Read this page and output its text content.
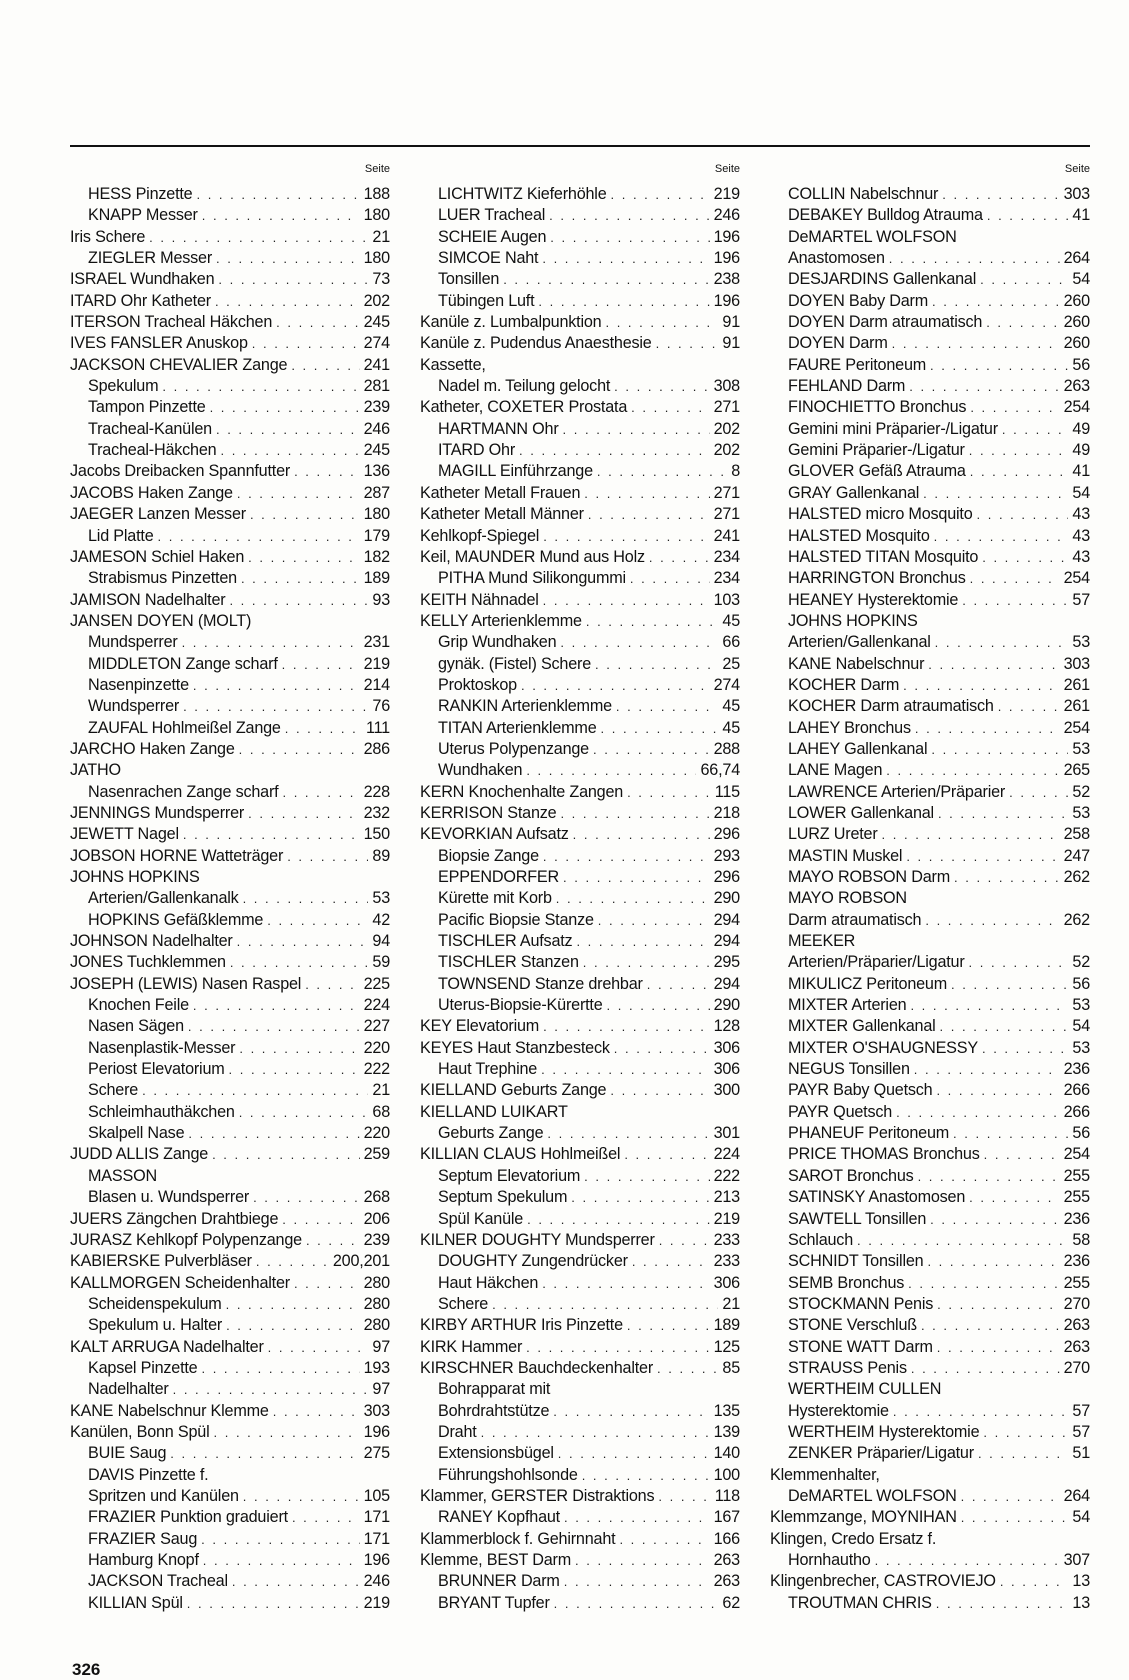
Seite
HESS Pinzette . . .	188
KNAPP Messer . . .	180
Iris Schere . . .	21
ZIEGLER Messer . . .	180
ISRAEL Wundhaken . . .	73
ITARD Ohr Katheter . . .	202
ITERSON Tracheal Häkchen . . .	245
IVES FANSLER Anuskop . . .	274
JACKSON CHEVALIER Zange . . .	241
Spekulum . . .	281
Tampon Pinzette . . .	239
Tracheal-Kanülen . . .	246
Tracheal-Häkchen . . .	245
Jacobs Dreibacken Spannfutter . . .	136
JACOBS Haken Zange . . .	287
JAEGER Lanzen Messer . . .	180
Lid Platte . . .	179
JAMESON Schiel Haken . . .	182
Strabismus Pinzetten . . .	189
JAMISON Nadelhalter . . .	93
JANSEN DOYEN (MOLT)
Mundsperrer . . .	231
MIDDLETON Zange scharf . . .	219
Nasenpinzette . . .	214
Wundsperrer . . .	76
ZAUFAL Hohlmeißel Zange . . .	111
JARCHO Haken Zange . . .	286
JATHO
Nasenrachen Zange scharf . . .	228
JENNINGS Mundsperrer . . .	232
JEWETT Nagel . . .	150
JOBSON HORNE Watteträger . . .	89
JOHNS HOPKINS
Arterien/Gallenkanalk . . .	53
HOPKINS Gefäßklemme . . .	42
JOHNSON Nadelhalter . . .	94
JONES Tuchklemmen . . .	59
JOSEPH (LEWIS) Nasen Raspel . . .	225
Knochen Feile . . .	224
Nasen Sägen . . .	227
Nasenplastik-Messer . . .	220
Periost Elevatorium . . .	222
Schere . . .	21
Schleimhauthäkchen . . .	68
Skalpell Nase . . .	220
JUDD ALLIS Zange . . .	259
MASSON
Blasen u. Wundsperrer . . .	268
JUERS Zängchen Drahtbiege . . .	206
JURASZ Kehlkopf Polypenzange . . .	239
KABIERSKE Pulverbläser . . .	200,201
KALLMORGEN Scheidenhalter . . .	280
Scheidenspekulum . . .	280
Spekulum u. Halter . . .	280
KALT ARRUGA Nadelhalter . . .	97
Kapsel Pinzette . . .	193
Nadelhalter . . .	97
KANE Nabelschnur Klemme . . .	303
Kanülen, Bonn Spül . . .	196
BUIE Saug . . .	275
DAVIS Pinzette f.
Spritzen und Kanülen . . .	105
FRAZIER Punktion graduiert . . .	171
FRAZIER Saug . . .	171
Hamburg Knopf . . .	196
JACKSON Tracheal . . .	246
KILLIAN Spül . . .	219
Seite
LICHTWITZ Kieferhöhle . . .	219
LUER Tracheal . . .	246
SCHEIE Augen . . .	196
SIMCOE Naht . . .	196
Tonsillen . . .	238
Tübingen Luft . . .	196
Kanüle z. Lumbalpunktion . . .	91
Kanüle z. Pudendus Anaesthesie . . .	91
Kassette,
Nadel m. Teilung gelocht . . .	308
Katheter, COXETER Prostata . . .	271
HARTMANN Ohr . . .	202
ITARD Ohr . . .	202
MAGILL Einführzange . . .	8
Katheter Metall Frauen . . .	271
Katheter Metall Männer . . .	271
Kehlkopf-Spiegel . . .	241
Keil, MAUNDER Mund aus Holz . . .	234
PITHA Mund Silikongummi . . .	234
KEITH Nähnadel . . .	103
KELLY Arterienklemme . . .	45
Grip Wundhaken . . .	66
gynäk. (Fistel) Schere . . .	25
Proktoskop . . .	274
RANKIN Arterienklemme . . .	45
TITAN Arterienklemme . . .	45
Uterus Polypenzange . . .	288
Wundhaken . . .	66,74
KERN Knochenhalte Zangen . . .	115
KERRISON Stanze . . .	218
KEVORKIAN Aufsatz . . .	296
Biopsie Zange . . .	293
EPPENDORFER . . .	296
Kürette mit Korb . . .	290
Pacific Biopsie Stanze . . .	294
TISCHLER Aufsatz . . .	294
TISCHLER Stanzen . . .	295
TOWNSEND Stanze drehbar . . .	294
Uterus-Biopsie-Kürertte . . .	290
KEY Elevatorium . . .	128
KEYES Haut Stanzbesteck . . .	306
Haut Trephine . . .	306
KIELLAND Geburts Zange . . .	300
KIELLAND LUIKART
Geburts Zange . . .	301
KILLIAN CLAUS Hohlmeißel . . .	224
Septum Elevatorium . . .	222
Septum Spekulum . . .	213
Spül Kanüle . . .	219
KILNER DOUGHTY Mundsperrer . . .	233
DOUGHTY Zungendrücker . . .	233
Haut Häkchen . . .	306
Schere . . .	21
KIRBY ARTHUR Iris Pinzette . . .	189
KIRK Hammer . . .	125
KIRSCHNER Bauchdeckenhalter . . .	85
Bohrapparat mit
Bohrdrahtstütze . . .	135
Draht . . .	139
Extensionsbügel . . .	140
Führungshohlsonde . . .	100
Klammer, GERSTER Distraktions . . .	118
RANEY Kopfhaut . . .	167
Klammerblock f. Gehirnnaht . . .	166
Klemme, BEST Darm . . .	263
BRUNNER Darm . . .	263
BRYANT Tupfer . . .	62
Seite
COLLIN Nabelschnur . . .	303
DEBAKEY Bulldog Atrauma . . .	41
DeMARTEL WOLFSON
Anastomosen . . .	264
DESJARDINS Gallenkanal . . .	54
DOYEN Baby Darm . . .	260
DOYEN Darm atraumatisch . . .	260
DOYEN Darm . . .	260
FAURE Peritoneum . . .	56
FEHLAND Darm . . .	263
FINOCHIETTO Bronchus . . .	254
Gemini mini Präparier-/Ligatur . . .	49
Gemini Präparier-/Ligatur . . .	49
GLOVER Gefäß Atrauma . . .	41
GRAY Gallenkanal . . .	54
HALSTED micro Mosquito . . .	43
HALSTED Mosquito . . .	43
HALSTED TITAN Mosquito . . .	43
HARRINGTON Bronchus . . .	254
HEANEY Hysterektomie . . .	57
JOHNS HOPKINS
Arterien/Gallenkanal . . .	53
KANE Nabelschnur . . .	303
KOCHER Darm . . .	261
KOCHER Darm atraumatisch . . .	261
LAHEY Bronchus . . .	254
LAHEY Gallenkanal . . .	53
LANE Magen . . .	265
LAWRENCE Arterien/Präparier . . .	52
LOWER Gallenkanal . . .	53
LURZ Ureter . . .	258
MASTIN Muskel . . .	247
MAYO ROBSON Darm . . .	262
MAYO ROBSON
Darm atraumatisch . . .	262
MEEKER
Arterien/Präparier/Ligatur . . .	52
MIKULICZ Peritoneum . . .	56
MIXTER Arterien . . .	53
MIXTER Gallenkanal . . .	54
MIXTER O'SHAUGNESSY . . .	53
NEGUS Tonsillen . . .	236
PAYR Baby Quetsch . . .	266
PAYR Quetsch . . .	266
PHANEUF Peritoneum . . .	56
PRICE THOMAS Bronchus . . .	254
SAROT Bronchus . . .	255
SATINSKY Anastomosen . . .	255
SAWTELL Tonsillen . . .	236
Schlauch . . .	58
SCHNIDT Tonsillen . . .	236
SEMB Bronchus . . .	255
STOCKMANN Penis . . .	270
STONE Verschluß . . .	263
STONE WATT Darm . . .	263
STRAUSS Penis . . .	270
WERTHEIM CULLEN
Hysterektomie . . .	57
WERTHEIM Hysterektomie . . .	57
ZENKER Präparier/Ligatur . . .	51
Klemmenhalter,
DeMARTEL WOLFSON . . .	264
Klemmzange, MOYNIHAN . . .	54
Klingen, Credo Ersatz f.
Hornhautho . . .	307
Klingenbrecher, CASTROVIEJO . . .	13
TROUTMAN CHRIS . . .	13
326
